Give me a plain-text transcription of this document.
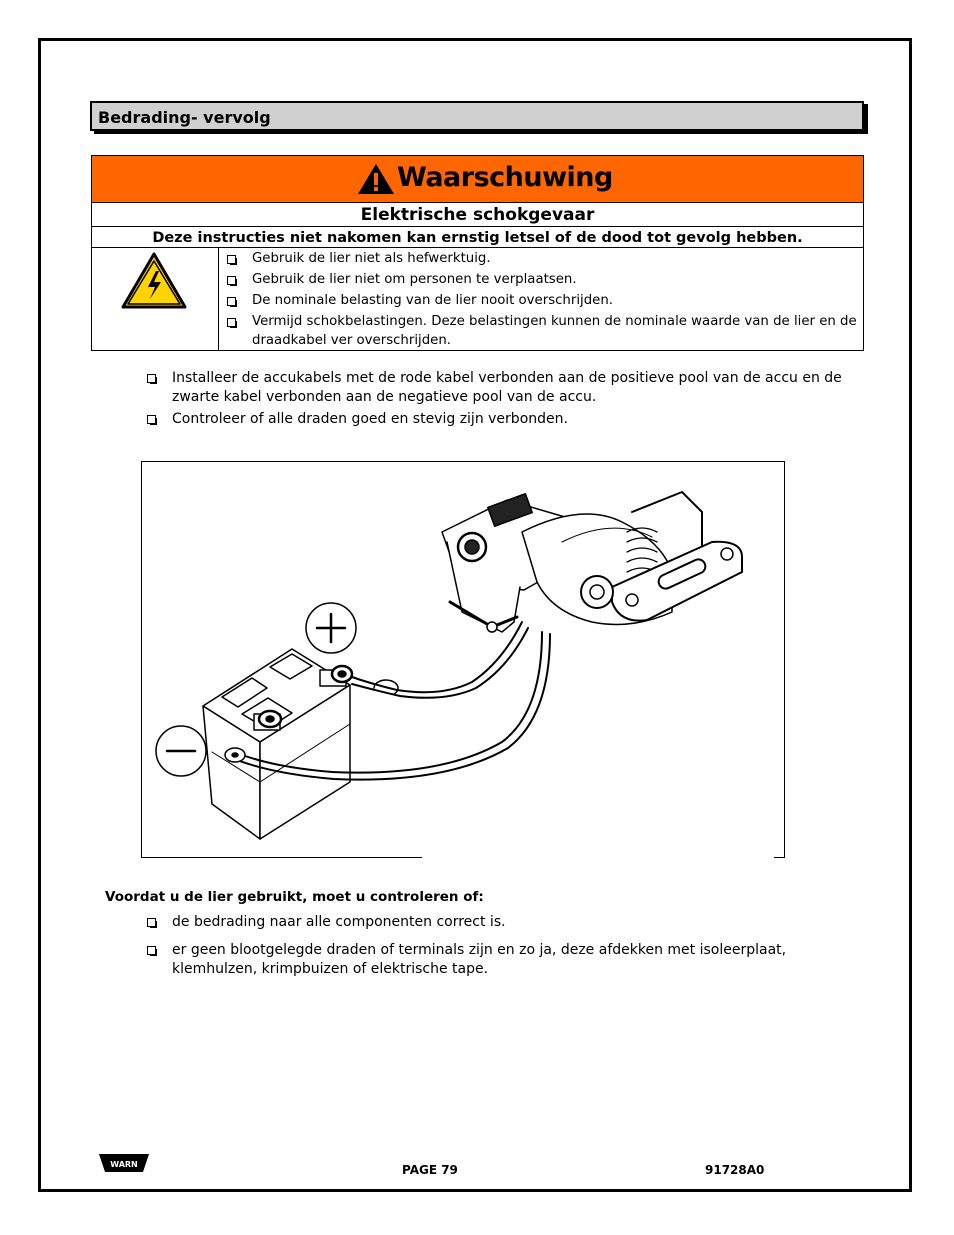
Bedrading- vervolg
Waarschuwing
Elektrische schokgevaar
Deze instructies niet nakomen kan ernstig letsel of de dood tot gevolg hebben.
Gebruik de lier niet als hefwerktuig.
Gebruik de lier niet om personen te verplaatsen.
De nominale belasting van de lier nooit overschrijden.
Vermijd schokbelastingen. Deze belastingen kunnen de nominale waarde van de lier en de draadkabel ver overschrijden.
Installeer de accukabels met de rode kabel verbonden aan de positieve pool van de accu en de zwarte kabel verbonden aan de negatieve pool van de accu.
Controleer of alle draden goed en stevig zijn verbonden.
Voordat u de lier gebruikt, moet u controleren of:
de bedrading naar alle componenten correct is.
er geen blootgelegde draden of terminals zijn en zo ja, deze afdekken met isoleerplaat, klemhulzen, krimpbuizen of elektrische tape.
WARN	PAGE 79	91728A0
